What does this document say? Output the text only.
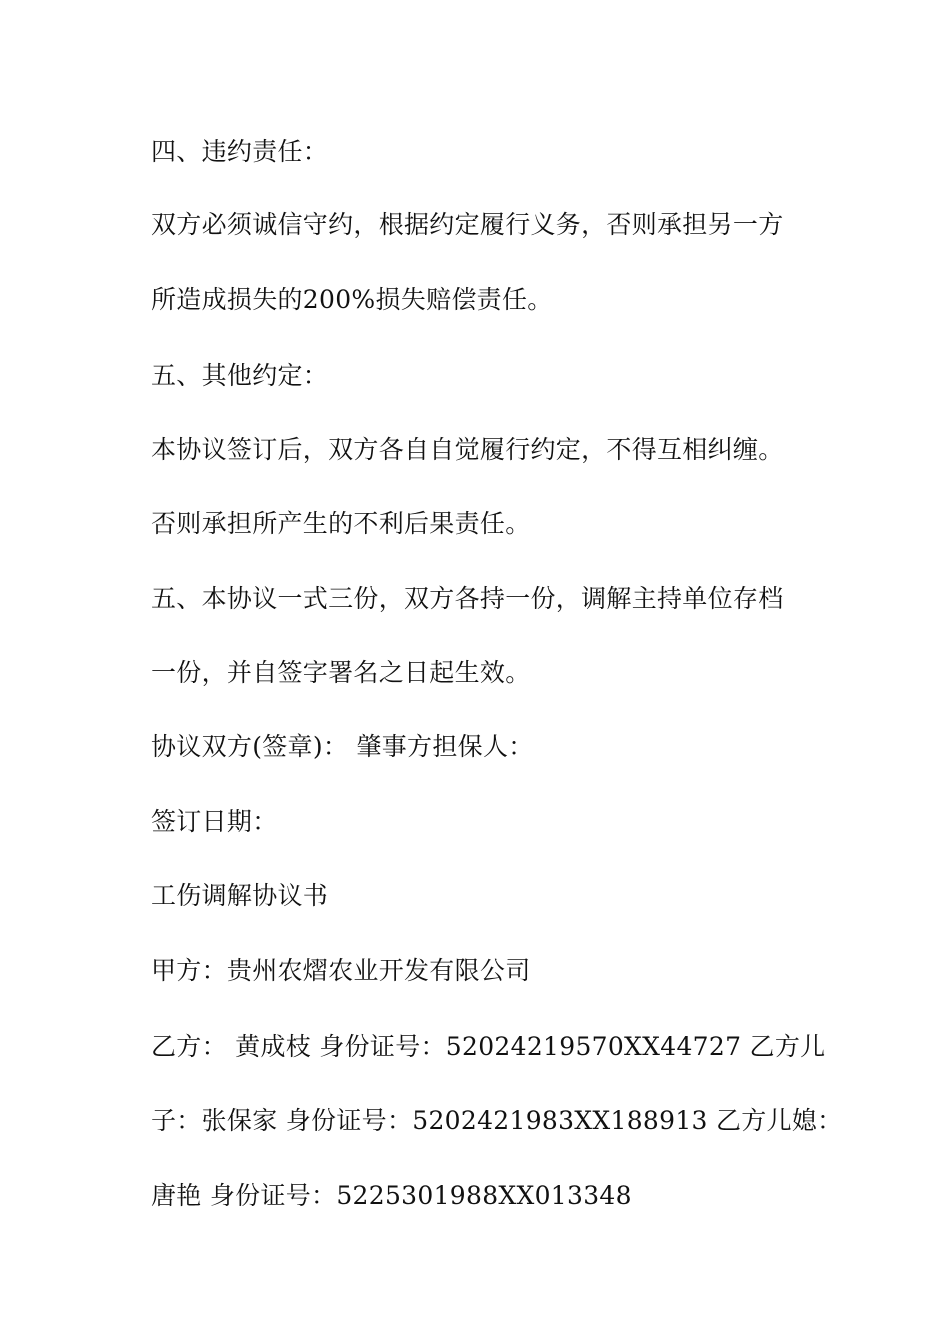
四、违约责任：
双方必须诚信守约，根据约定履行义务，否则承担另一方
所造成损失的200%损失赔偿责任。
五、其他约定：
本协议签订后，双方各自自觉履行约定，不得互相纠缠。
否则承担所产生的不利后果责任。
五、本协议一式三份，双方各持一份，调解主持单位存档
一份，并自签字署名之日起生效。
协议双方(签章)： 肇事方担保人：
签订日期：
工伤调解协议书
甲方：贵州农熠农业开发有限公司
乙方： 黄成枝 身份证号：52024219570XX44727 乙方儿
子：张保家 身份证号：5202421983XX188913 乙方儿媳：
唐艳 身份证号：5225301988XX013348
